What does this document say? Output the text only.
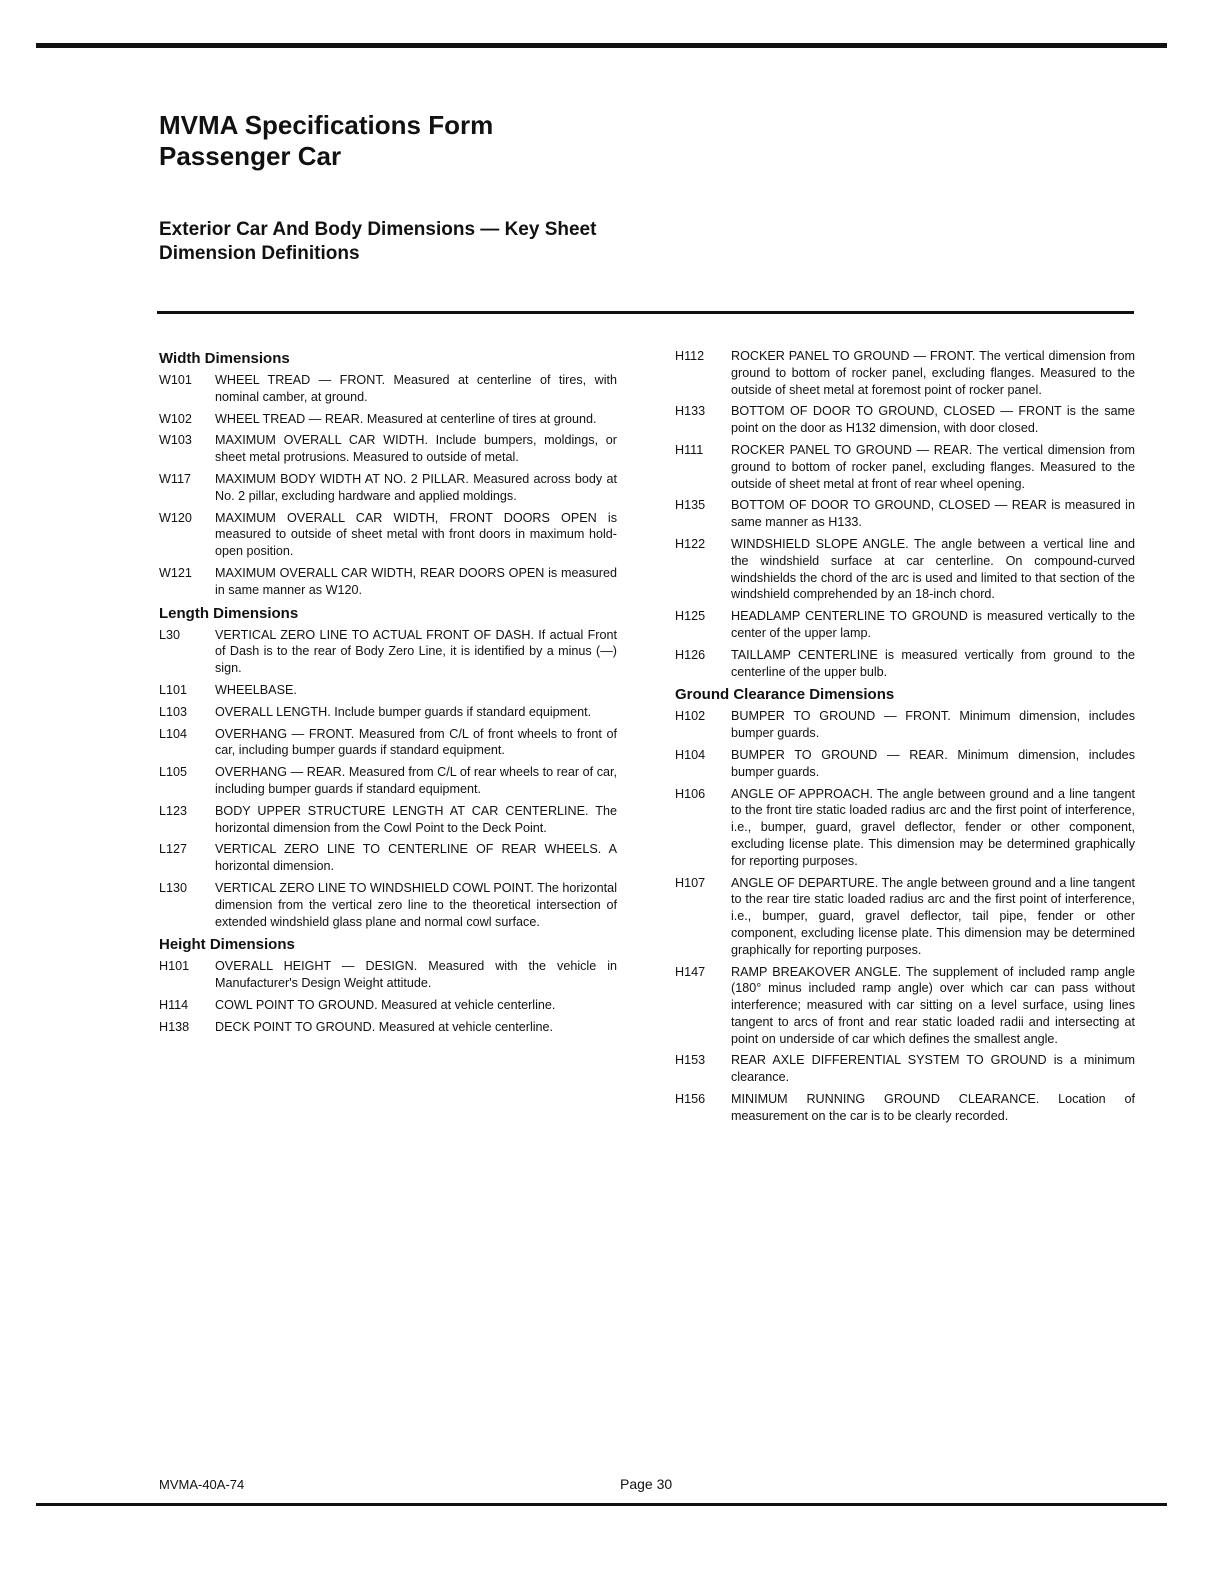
MVMA Specifications Form
Passenger Car
Exterior Car And Body Dimensions — Key Sheet
Dimension Definitions
Width Dimensions
W101	WHEEL TREAD — FRONT. Measured at centerline of tires, with nominal camber, at ground.
W102	WHEEL TREAD — REAR. Measured at centerline of tires at ground.
W103	MAXIMUM OVERALL CAR WIDTH. Include bumpers, moldings, or sheet metal protrusions. Measured to outside of metal.
W117	MAXIMUM BODY WIDTH AT NO. 2 PILLAR. Measured across body at No. 2 pillar, excluding hardware and applied moldings.
W120	MAXIMUM OVERALL CAR WIDTH, FRONT DOORS OPEN is measured to outside of sheet metal with front doors in maximum hold-open position.
W121	MAXIMUM OVERALL CAR WIDTH, REAR DOORS OPEN is measured in same manner as W120.
Length Dimensions
L30	VERTICAL ZERO LINE TO ACTUAL FRONT OF DASH. If actual Front of Dash is to the rear of Body Zero Line, it is identified by a minus (—) sign.
L101	WHEELBASE.
L103	OVERALL LENGTH. Include bumper guards if standard equipment.
L104	OVERHANG — FRONT. Measured from C/L of front wheels to front of car, including bumper guards if standard equipment.
L105	OVERHANG — REAR. Measured from C/L of rear wheels to rear of car, including bumper guards if standard equipment.
L123	BODY UPPER STRUCTURE LENGTH AT CAR CENTERLINE. The horizontal dimension from the Cowl Point to the Deck Point.
L127	VERTICAL ZERO LINE TO CENTERLINE OF REAR WHEELS. A horizontal dimension.
L130	VERTICAL ZERO LINE TO WINDSHIELD COWL POINT. The horizontal dimension from the vertical zero line to the theoretical intersection of extended windshield glass plane and normal cowl surface.
Height Dimensions
H101	OVERALL HEIGHT — DESIGN. Measured with the vehicle in Manufacturer's Design Weight attitude.
H114	COWL POINT TO GROUND. Measured at vehicle centerline.
H138	DECK POINT TO GROUND. Measured at vehicle centerline.
H112	ROCKER PANEL TO GROUND — FRONT. The vertical dimension from ground to bottom of rocker panel, excluding flanges. Measured to the outside of sheet metal at foremost point of rocker panel.
H133	BOTTOM OF DOOR TO GROUND, CLOSED — FRONT is the same point on the door as H132 dimension, with door closed.
H111	ROCKER PANEL TO GROUND — REAR. The vertical dimension from ground to bottom of rocker panel, excluding flanges. Measured to the outside of sheet metal at front of rear wheel opening.
H135	BOTTOM OF DOOR TO GROUND, CLOSED — REAR is measured in same manner as H133.
H122	WINDSHIELD SLOPE ANGLE. The angle between a vertical line and the windshield surface at car centerline. On compound-curved windshields the chord of the arc is used and limited to that section of the windshield comprehended by an 18-inch chord.
H125	HEADLAMP CENTERLINE TO GROUND is measured vertically to the center of the upper lamp.
H126	TAILLAMP CENTERLINE is measured vertically from ground to the centerline of the upper bulb.
Ground Clearance Dimensions
H102	BUMPER TO GROUND — FRONT. Minimum dimension, includes bumper guards.
H104	BUMPER TO GROUND — REAR. Minimum dimension, includes bumper guards.
H106	ANGLE OF APPROACH. The angle between ground and a line tangent to the front tire static loaded radius arc and the first point of interference, i.e., bumper, guard, gravel deflector, fender or other component, excluding license plate. This dimension may be determined graphically for reporting purposes.
H107	ANGLE OF DEPARTURE. The angle between ground and a line tangent to the rear tire static loaded radius arc and the first point of interference, i.e., bumper, guard, gravel deflector, tail pipe, fender or other component, excluding license plate. This dimension may be determined graphically for reporting purposes.
H147	RAMP BREAKOVER ANGLE. The supplement of included ramp angle (180° minus included ramp angle) over which car can pass without interference; measured with car sitting on a level surface, using lines tangent to arcs of front and rear static loaded radii and intersecting at point on underside of car which defines the smallest angle.
H153	REAR AXLE DIFFERENTIAL SYSTEM TO GROUND is a minimum clearance.
H156	MINIMUM RUNNING GROUND CLEARANCE. Location of measurement on the car is to be clearly recorded.
MVMA-40A-74	Page 30
